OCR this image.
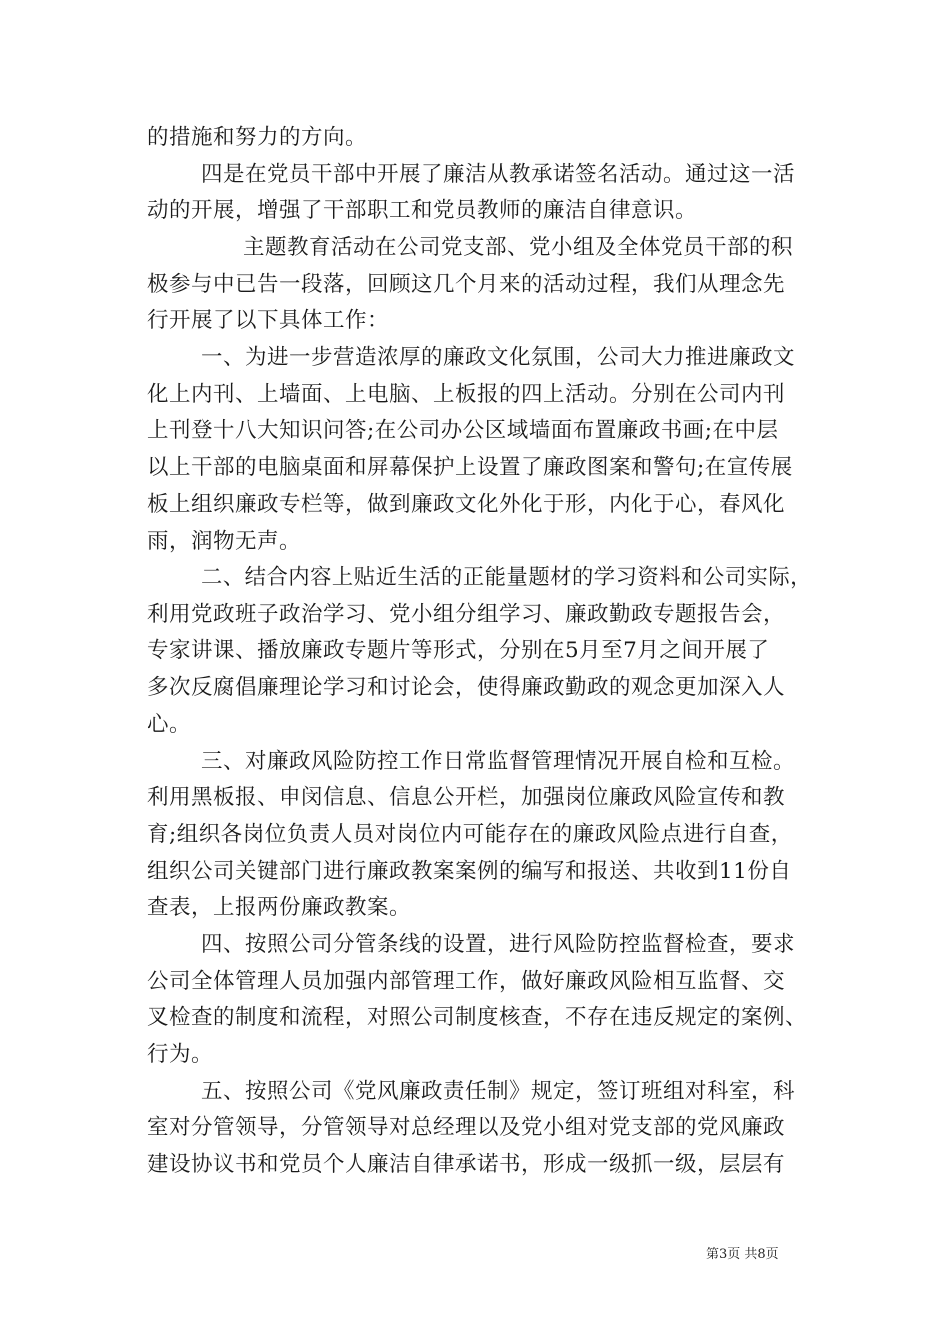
的措施和努力的方向。
四是在党员干部中开展了廉洁从教承诺签名活动。通过这一活
动的开展，增强了干部职工和党员教师的廉洁自律意识。
主题教育活动在公司党支部、党小组及全体党员干部的积
极参与中已告一段落，回顾这几个月来的活动过程，我们从理念先
行开展了以下具体工作：
一、为进一步营造浓厚的廉政文化氛围，公司大力推进廉政文
化上内刊、上墙面、上电脑、上板报的四上活动。分别在公司内刊
上刊登十八大知识问答;在公司办公区域墙面布置廉政书画;在中层
以上干部的电脑桌面和屏幕保护上设置了廉政图案和警句;在宣传展
板上组织廉政专栏等，做到廉政文化外化于形，内化于心，春风化
雨，润物无声。
二、结合内容上贴近生活的正能量题材的学习资料和公司实际，
利用党政班子政治学习、党小组分组学习、廉政勤政专题报告会，
专家讲课、播放廉政专题片等形式，分别在5月至7月之间开展了
多次反腐倡廉理论学习和讨论会，使得廉政勤政的观念更加深入人
心。
三、对廉政风险防控工作日常监督管理情况开展自检和互检。
利用黑板报、申闵信息、信息公开栏，加强岗位廉政风险宣传和教
育;组织各岗位负责人员对岗位内可能存在的廉政风险点进行自查，
组织公司关键部门进行廉政教案案例的编写和报送、共收到11份自
查表，上报两份廉政教案。
四、按照公司分管条线的设置，进行风险防控监督检查，要求
公司全体管理人员加强内部管理工作，做好廉政风险相互监督、交
叉检查的制度和流程，对照公司制度核查，不存在违反规定的案例、
行为。
五、按照公司《党风廉政责任制》规定，签订班组对科室，科
室对分管领导，分管领导对总经理以及党小组对党支部的党风廉政
建设协议书和党员个人廉洁自律承诺书，形成一级抓一级，层层有
第3页 共8页
